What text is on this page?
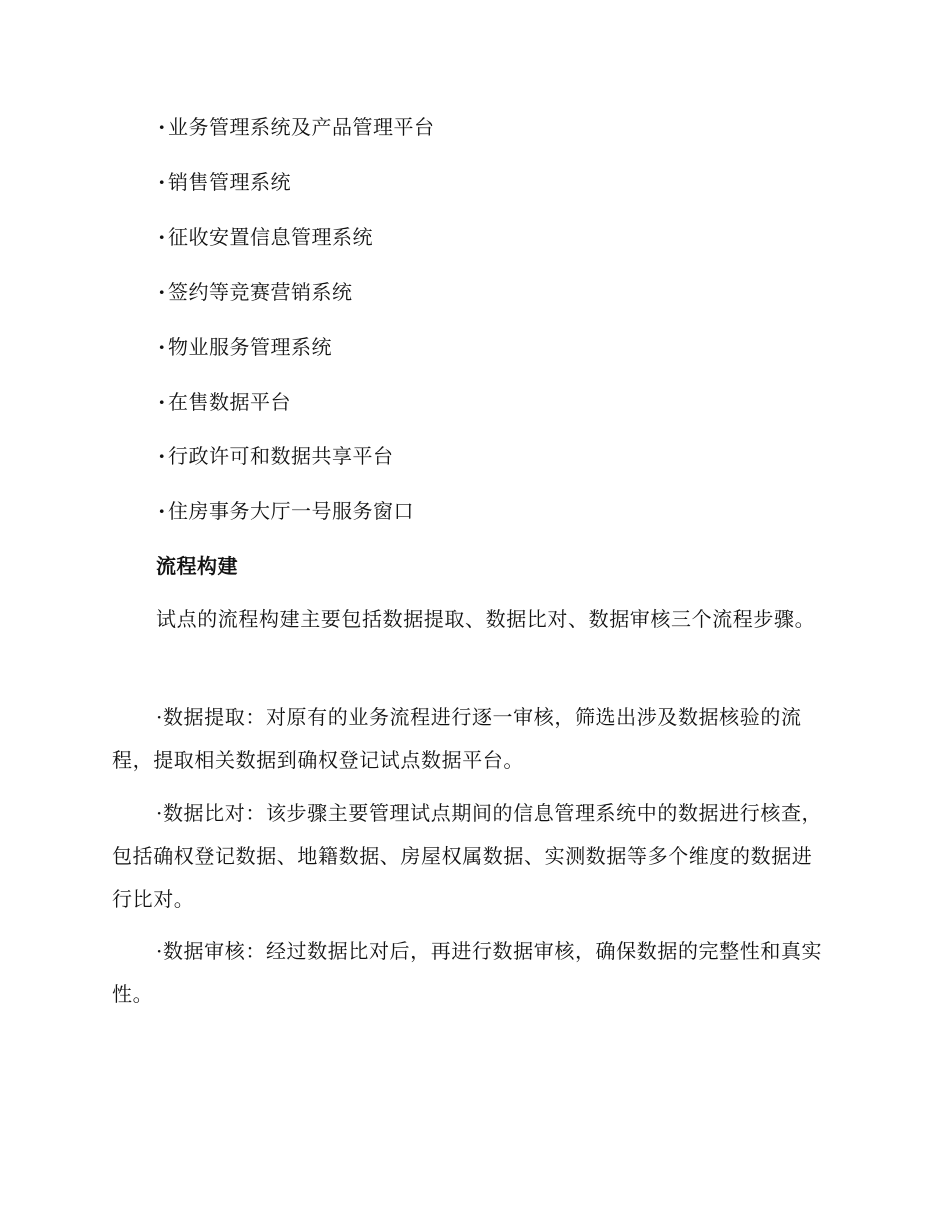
· 业务管理系统及产品管理平台
· 销售管理系统
· 征收安置信息管理系统
· 签约等竞赛营销系统
· 物业服务管理系统
· 在售数据平台
· 行政许可和数据共享平台
· 住房事务大厅一号服务窗口
流程构建

试点的流程构建主要包括数据提取、数据比对、数据审核三个流程步骤。

·数据提取：对原有的业务流程进行逐一审核，筛选出涉及数据核验的流程，提取相关数据到确权登记试点数据平台。

·数据比对：该步骤主要管理试点期间的信息管理系统中的数据进行核查，包括确权登记数据、地籍数据、房屋权属数据、实测数据等多个维度的数据进行比对。

·数据审核：经过数据比对后，再进行数据审核，确保数据的完整性和真实性。
